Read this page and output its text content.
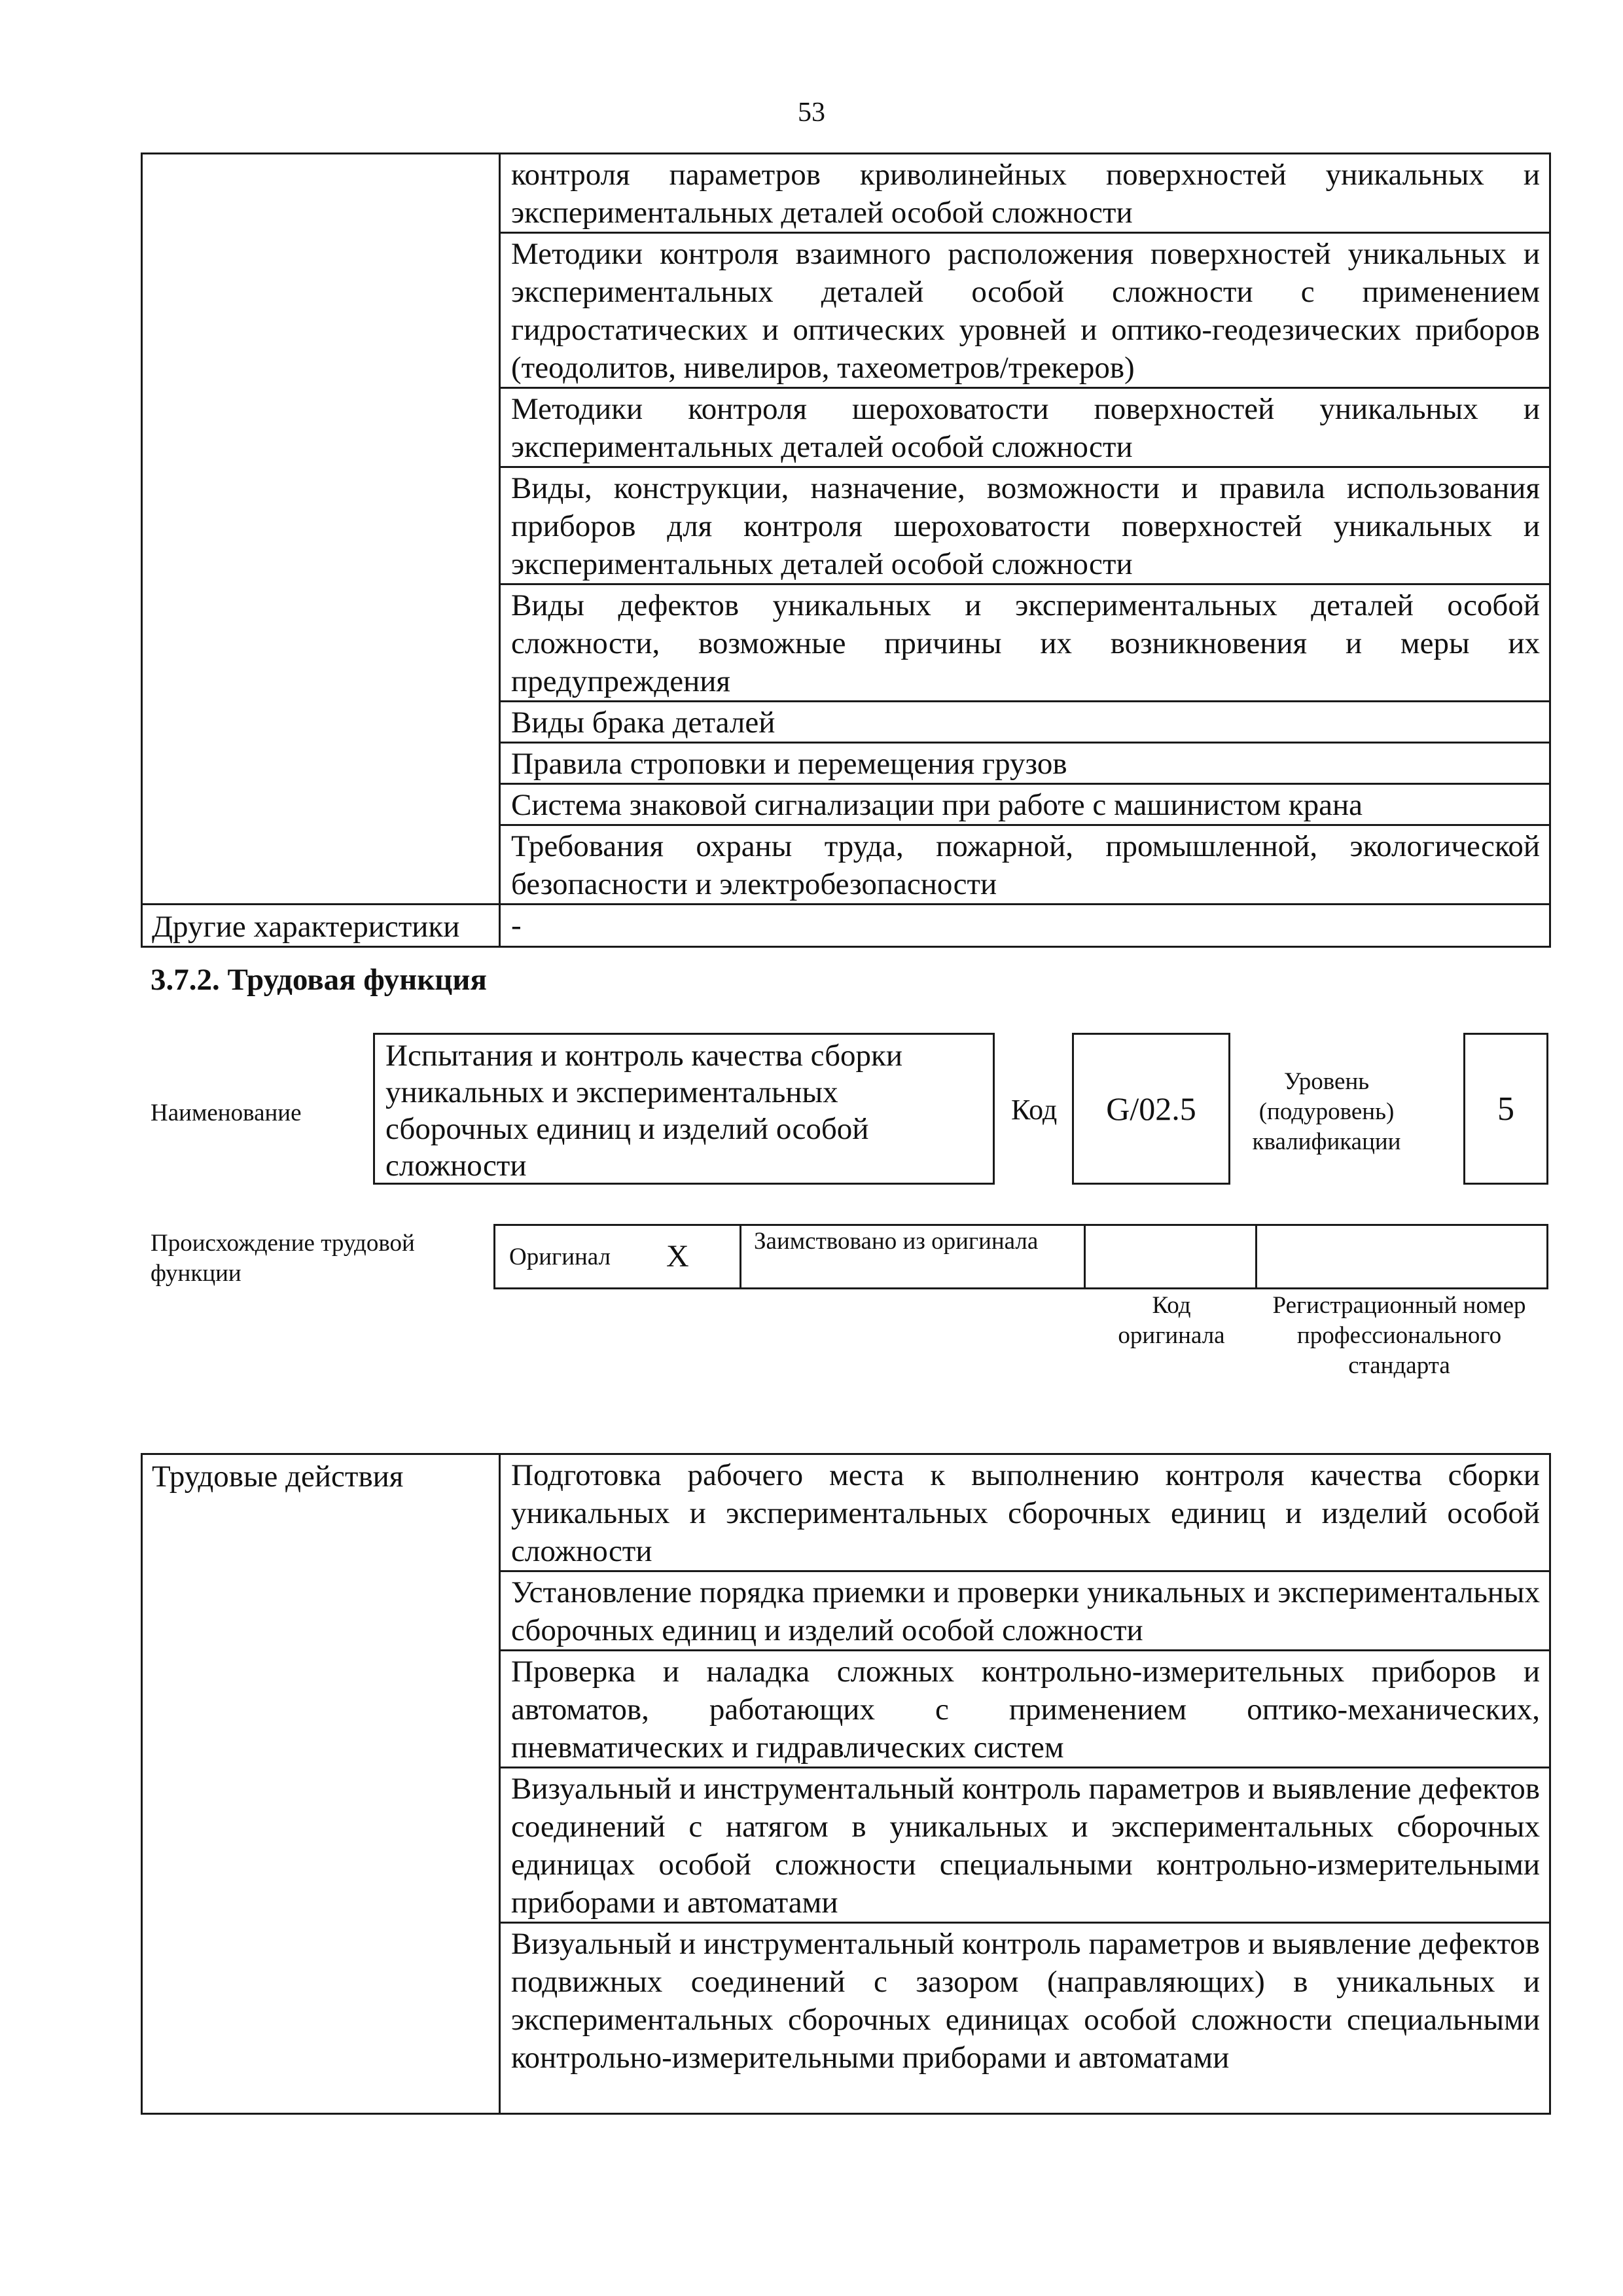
53

	контроля параметров криволинейных поверхностей уникальных и экспериментальных деталей особой сложности

	Методики контроля взаимного расположения поверхностей уникальных и экспериментальных деталей особой сложности с применением гидростатических и оптических уровней и оптико-геодезических приборов (теодолитов, нивелиров, тахеометров/трекеров)

	Методики контроля шероховатости поверхностей уникальных и экспериментальных деталей особой сложности

	Виды, конструкции, назначение, возможности и правила использования приборов для контроля шероховатости поверхностей уникальных и экспериментальных деталей особой сложности

	Виды дефектов уникальных и экспериментальных деталей особой сложности, возможные причины их возникновения и меры их предупреждения

	Виды брака деталей

	Правила строповки и перемещения грузов

	Система знаковой сигнализации при работе с машинистом крана

	Требования охраны труда, пожарной, промышленной, экологической безопасности и электробезопасности

Другие характеристики	-
3.7.2. Трудовая функция
Наименование
Испытания и контроль качества сборки уникальных и экспериментальных сборочных единиц и изделий особой сложности
Код	G/02.5
Уровень (подуровень) квалификации
5
Происхождение трудовой функции
Оригинал X	Заимствовано из оригинала
Код оригинала
Регистрационный номер профессионального стандарта
Трудовые действия	Подготовка рабочего места к выполнению контроля качества сборки уникальных и экспериментальных сборочных единиц и изделий особой сложности

Установление порядка приемки и проверки уникальных и экспериментальных сборочных единиц и изделий особой сложности

Проверка и наладка сложных контрольно-измерительных приборов и автоматов, работающих с применением оптико-механических, пневматических и гидравлических систем

Визуальный и инструментальный контроль параметров и выявление дефектов соединений с натягом в уникальных и экспериментальных сборочных единицах особой сложности специальными контрольно-измерительными приборами и автоматами

Визуальный и инструментальный контроль параметров и выявление дефектов подвижных соединений с зазором (направляющих) в уникальных и экспериментальных сборочных единицах особой сложности специальными контрольно-измерительными приборами и автоматами
